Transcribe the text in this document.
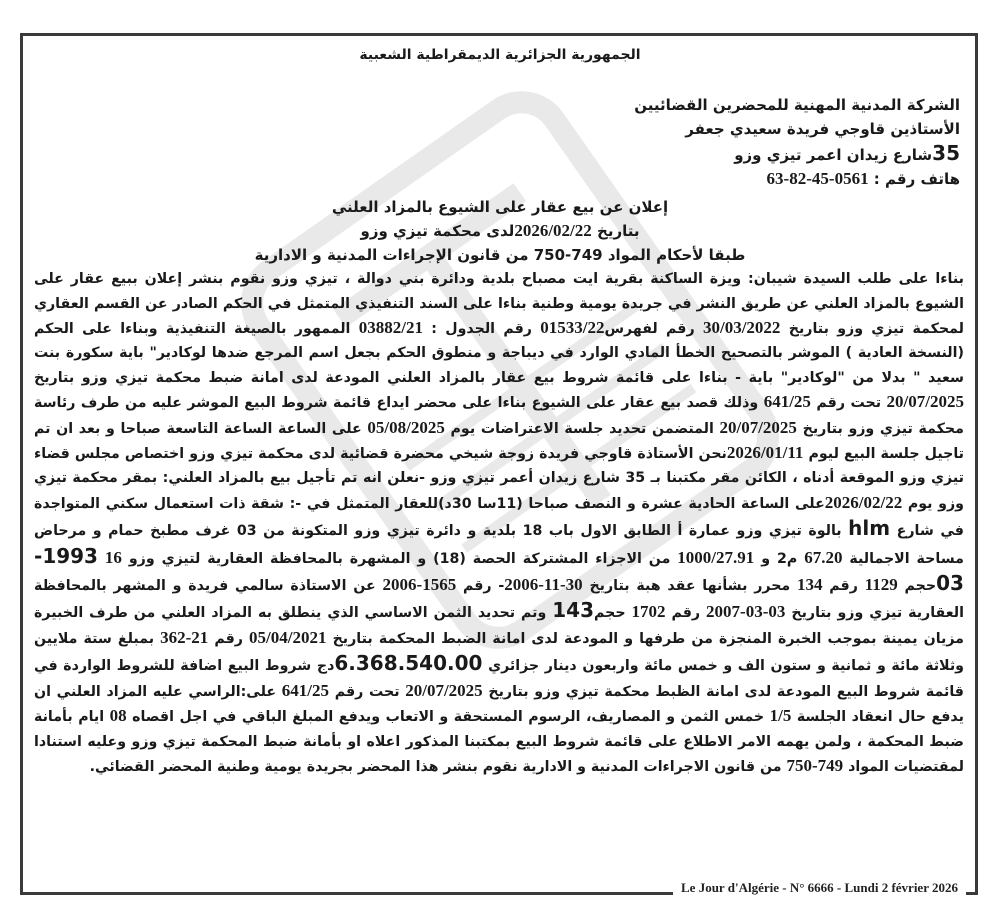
الجمهورية الجزائرية الديمقراطية الشعبية
الشركة المدنية المهنية للمحضرين القضائيين
الأستاذين قاوجي فريدة سعيدي جعفر
35شارع زيدان اعمر تيزي وزو
هاتف رقم : 0561-45-82-63
إعلان عن بيع عقار على الشيوع بالمزاد العلني
بتاريخ 2026/02/22لدى محكمة تيزي وزو
طبقا لأحكام المواد 749-750 من قانون الإجراءات المدنية و الادارية
بناءا على طلب السيدة شيبان: ويزة الساكنة بقرية ايت مصباح بلدية ودائرة بني دوالة ، تيزي وزو نقوم بنشر إعلان ببيع عقار على الشيوع بالمزاد العلني عن طريق النشر في جريدة يومية وطنية بناءا على السند التنفيذي المتمثل في الحكم الصادر عن القسم العقاري لمحكمة تيزي وزو بتاريخ 30/03/2022 رقم لفهرس01533/22 رقم الجدول : 03882/21 الممهور بالصيغة التنفيذية وبناءا على الحكم (النسخة العادية ) الموشر بالتصحيح الخطأ المادي الوارد في ديباجة و منطوق الحكم بجعل اسم المرجع ضدها لوكادير" باية سكورة بنت سعيد " بدلا من "لوكادير" باية - بناءا على قائمة شروط بيع عقار بالمزاد العلني المودعة لدى امانة ضبط محكمة تيزي وزو بتاريخ 20/07/2025 تحت رقم 641/25 وذلك قصد بيع عقار على الشيوع بناءا على محضر ايداع قائمة شروط البيع الموشر عليه من طرف رئاسة محكمة تيزي وزو بتاريخ 20/07/2025 المتضمن تحديد جلسة الاعتراضات يوم 05/08/2025 على الساعة الساعة التاسعة صباحا و بعد ان تم تاجيل جلسة البيع ليوم 2026/01/11نحن الأستاذة قاوجي فريدة زوجة شيخي محضرة قضائية لدى محكمة تيزي وزو اختصاص مجلس قضاء تيزي وزو الموقعة أدناه ، الكائن مقر مكتبنا بـ 35 شارع زيدان أعمر تيزي وزو -نعلن انه تم تأجيل بيع بالمزاد العلني: بمقر محكمة تيزي وزو يوم 2026/02/22على الساعة الحادية عشرة و النصف صباحا (11سا 30د)للعقار المتمثل في -: شقة ذات استعمال سكني المتواجدة في شارع hlm بالوة تيزي وزو عمارة أ الطابق الاول باب 18 بلدية و دائرة تيزي وزو المتكونة من 03 غرف مطبخ حمام و مرحاض مساحة الاجمالية 67.20 م2 و 1000/27.91 من الاجزاء المشتركة الحصة (18) و المشهرة بالمحافظة العقارية لتيزي وزو 16 1993-03حجم 1129 رقم 134 محرر بشأنها عقد هبة بتاريخ 30-11-2006- رقم 1565-2006 عن الاستاذة سالمي فريدة و المشهر بالمحافظة العقارية تيزي وزو بتاريخ 03-03-2007 رقم 1702 حجم143 وتم تحديد الثمن الاساسي الذي ينطلق به المزاد العلني من طرف الخبيرة مزيان يمينة بموجب الخبرة المنجزة من طرفها و المودعة لدى امانة الضبط المحكمة بتاريخ 05/04/2021 رقم 21-362 بمبلغ ستة ملايين وثلاثة مائة و ثمانية و ستون الف و خمس مائة واربعون دينار جزائري 6.368.540.00دج شروط البيع اضافة للشروط الواردة في قائمة شروط البيع المودعة لدى امانة الظبط محكمة تيزي وزو بتاريخ 20/07/2025 تحت رقم 641/25 على:الراسي عليه المزاد العلني ان يدفع حال انعقاد الجلسة 1/5 خمس الثمن و المصاريف، الرسوم المستحقة و الاتعاب ويدفع المبلغ الباقي في اجل اقصاه 08 ايام بأمانة ضبط المحكمة ، ولمن يهمه الامر الاطلاع على قائمة شروط البيع بمكتبنا المذكور اعلاه او بأمانة ضبط المحكمة تيزي وزو وعليه استنادا لمقتضيات المواد 749-750 من قانون الاجراءات المدنية و الادارية نقوم بنشر هذا المحضر بجريدة يومية وطنية المحضر القضائي.
Le Jour d'Algérie - N° 6666 - Lundi 2 février 2026
